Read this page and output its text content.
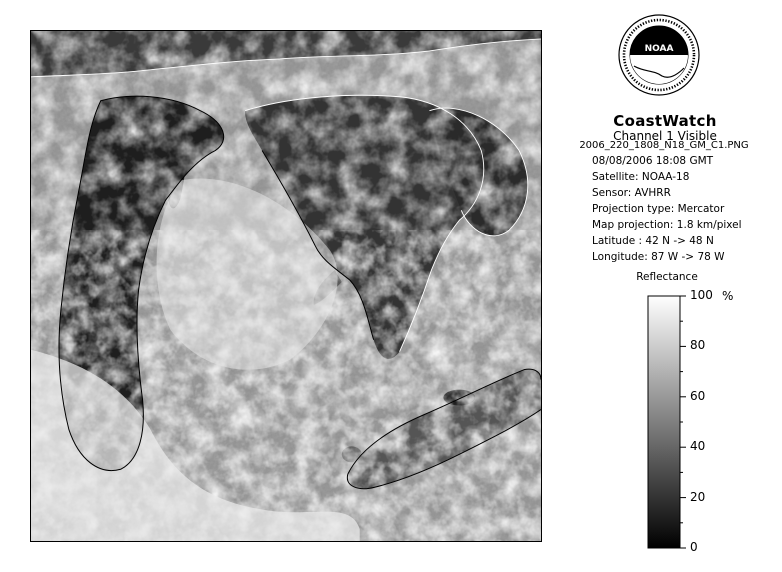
NOAA
CoastWatch
Channel 1 Visible
2006_220_1808_N18_GM_C1.PNG
08/08/2006 18:08 GMT
Satellite: NOAA-18
Sensor: AVHRR
Projection type: Mercator
Map projection: 1.8 km/pixel
Latitude : 42 N -> 48 N
Reflectance
100
80
60
40
20
0
%
Longitude: 87 W -> 78 W
